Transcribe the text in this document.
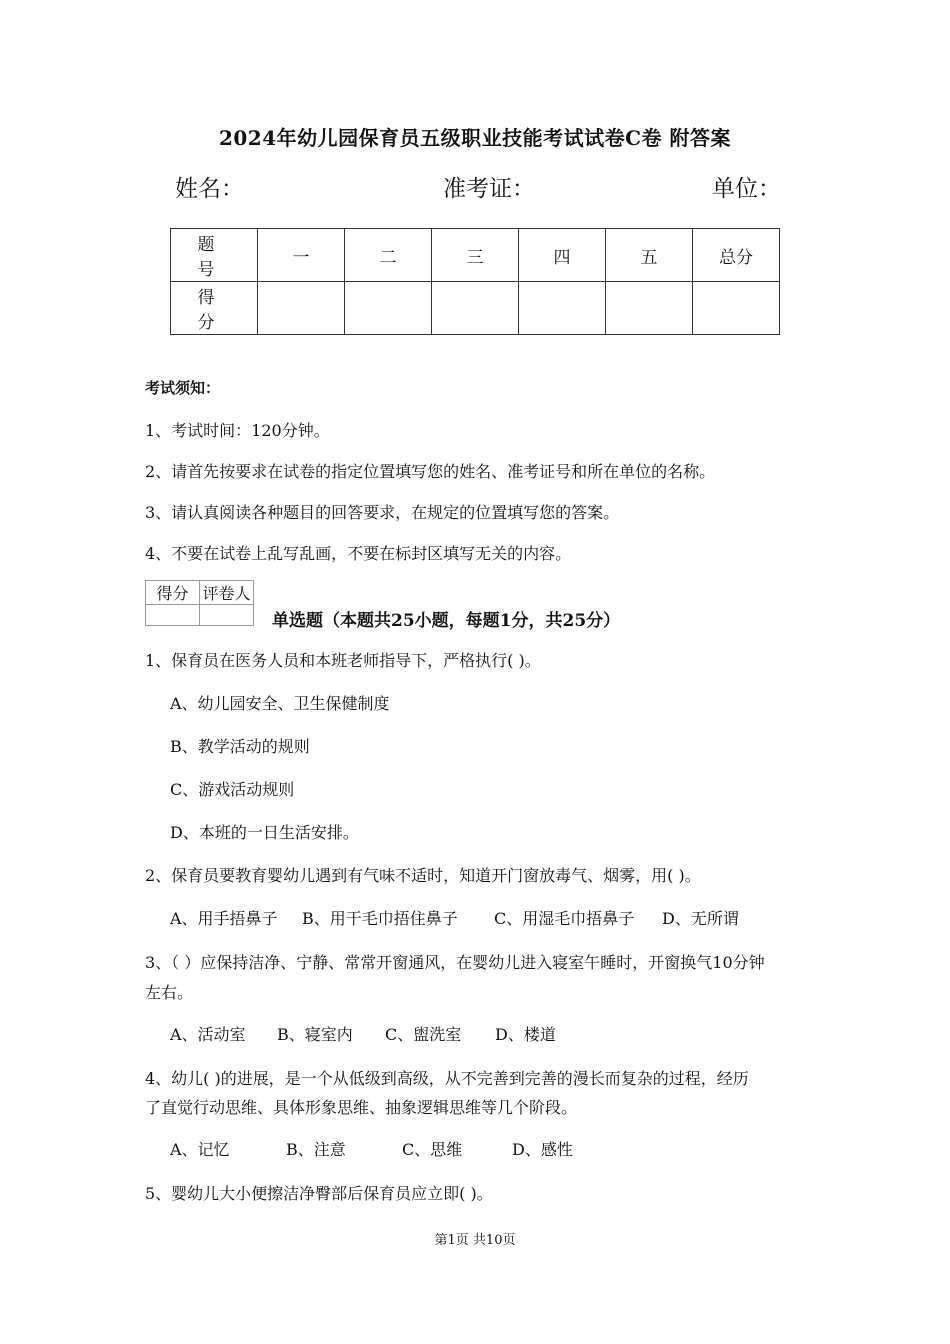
2024年幼儿园保育员五级职业技能考试试卷C卷 附答案
姓名：	准考证：	单位：
题 号	一	二	三	四	五	总分
得 分						
考试须知：
1、考试时间：120分钟。
2、请首先按要求在试卷的指定位置填写您的姓名、准考证号和所在单位的名称。
3、请认真阅读各种题目的回答要求，在规定的位置填写您的答案。
4、不要在试卷上乱写乱画，不要在标封区填写无关的内容。
得分	评卷人

单选题（本题共25小题，每题1分，共25分）
1、保育员在医务人员和本班老师指导下，严格执行( )。
A、幼儿园安全、卫生保健制度
B、教学活动的规则
C、游戏活动规则
D、本班的一日生活安排。
2、保育员要教育婴幼儿遇到有气味不适时，知道开门窗放毒气、烟雾，用( )。
A、用手捂鼻子 B、用干毛巾捂住鼻子 C、用湿毛巾捂鼻子 D、无所谓
3、（ ）应保持洁净、宁静、常常开窗通风，在婴幼儿进入寝室午睡时，开窗换气10分钟
左右。
A、活动室 B、寝室内 C、盥洗室 D、楼道
4、幼儿( )的进展，是一个从低级到高级，从不完善到完善的漫长而复杂的过程，经历
了直觉行动思维、具体形象思维、抽象逻辑思维等几个阶段。
A、记忆	B、注意	C、思维	D、感性
5、婴幼儿大小便擦洁净臀部后保育员应立即( )。
第1页 共10页
